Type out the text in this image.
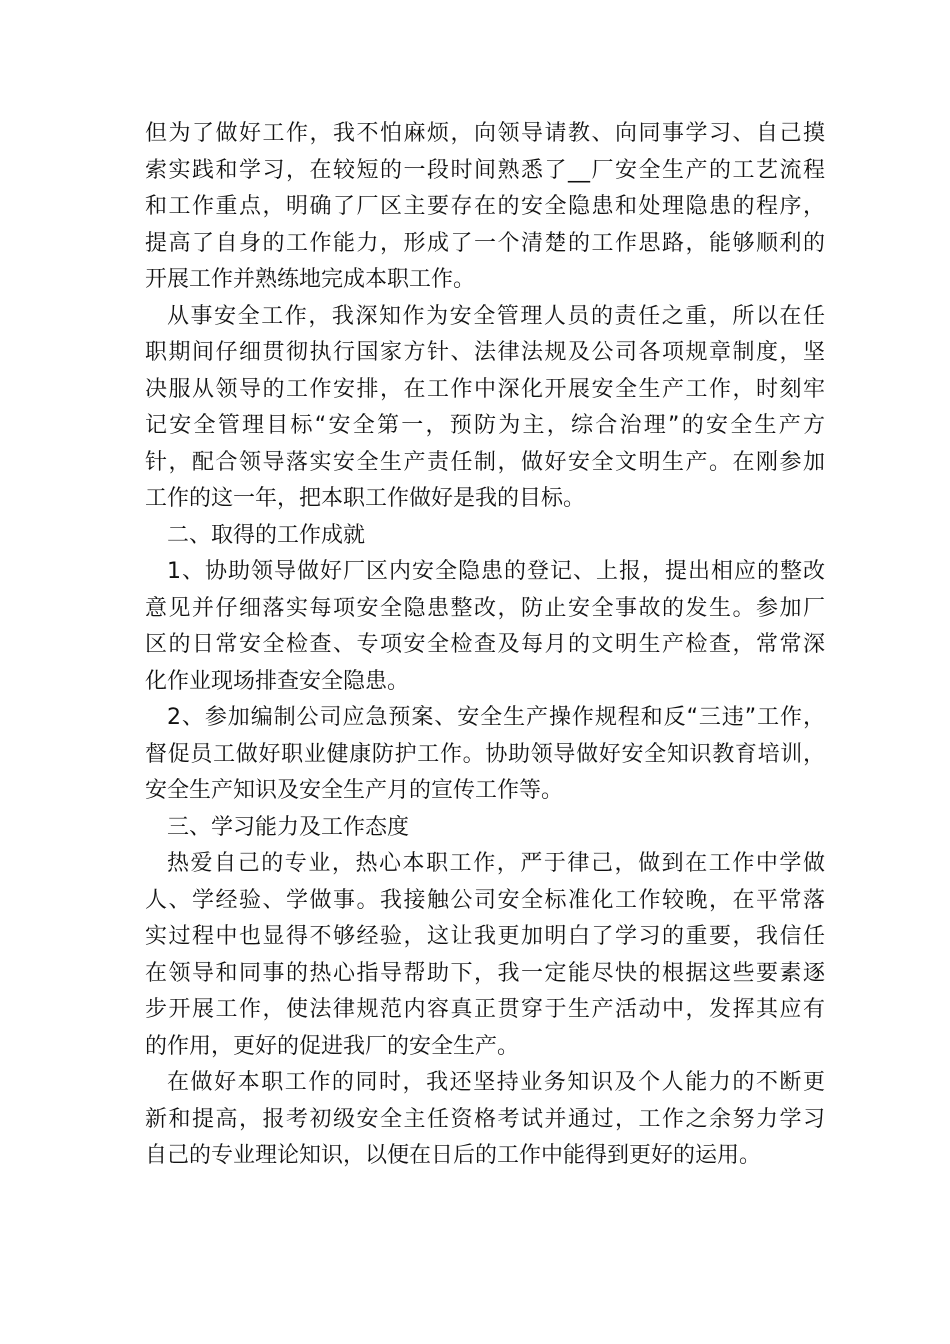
但为了做好工作，我不怕麻烦，向领导请教、向同事学习、自己摸
索实践和学习，在较短的一段时间熟悉了__厂安全生产的工艺流程
和工作重点，明确了厂区主要存在的安全隐患和处理隐患的程序，
提高了自身的工作能力，形成了一个清楚的工作思路，能够顺利的
开展工作并熟练地完成本职工作。
从事安全工作，我深知作为安全管理人员的责任之重，所以在任
职期间仔细贯彻执行国家方针、法律法规及公司各项规章制度，坚
决服从领导的工作安排，在工作中深化开展安全生产工作，时刻牢
记安全管理目标“安全第一，预防为主，综合治理”的安全生产方
针，配合领导落实安全生产责任制，做好安全文明生产。在刚参加
工作的这一年，把本职工作做好是我的目标。
二、取得的工作成就
1、协助领导做好厂区内安全隐患的登记、上报，提出相应的整改
意见并仔细落实每项安全隐患整改，防止安全事故的发生。参加厂
区的日常安全检查、专项安全检查及每月的文明生产检查，常常深
化作业现场排查安全隐患。
2、参加编制公司应急预案、安全生产操作规程和反“三违”工作，
督促员工做好职业健康防护工作。协助领导做好安全知识教育培训，
安全生产知识及安全生产月的宣传工作等。
三、学习能力及工作态度
热爱自己的专业，热心本职工作，严于律己，做到在工作中学做
人、学经验、学做事。我接触公司安全标准化工作较晚，在平常落
实过程中也显得不够经验，这让我更加明白了学习的重要，我信任
在领导和同事的热心指导帮助下，我一定能尽快的根据这些要素逐
步开展工作，使法律规范内容真正贯穿于生产活动中，发挥其应有
的作用，更好的促进我厂的安全生产。
在做好本职工作的同时，我还坚持业务知识及个人能力的不断更
新和提高，报考初级安全主任资格考试并通过，工作之余努力学习
自己的专业理论知识，以便在日后的工作中能得到更好的运用。
